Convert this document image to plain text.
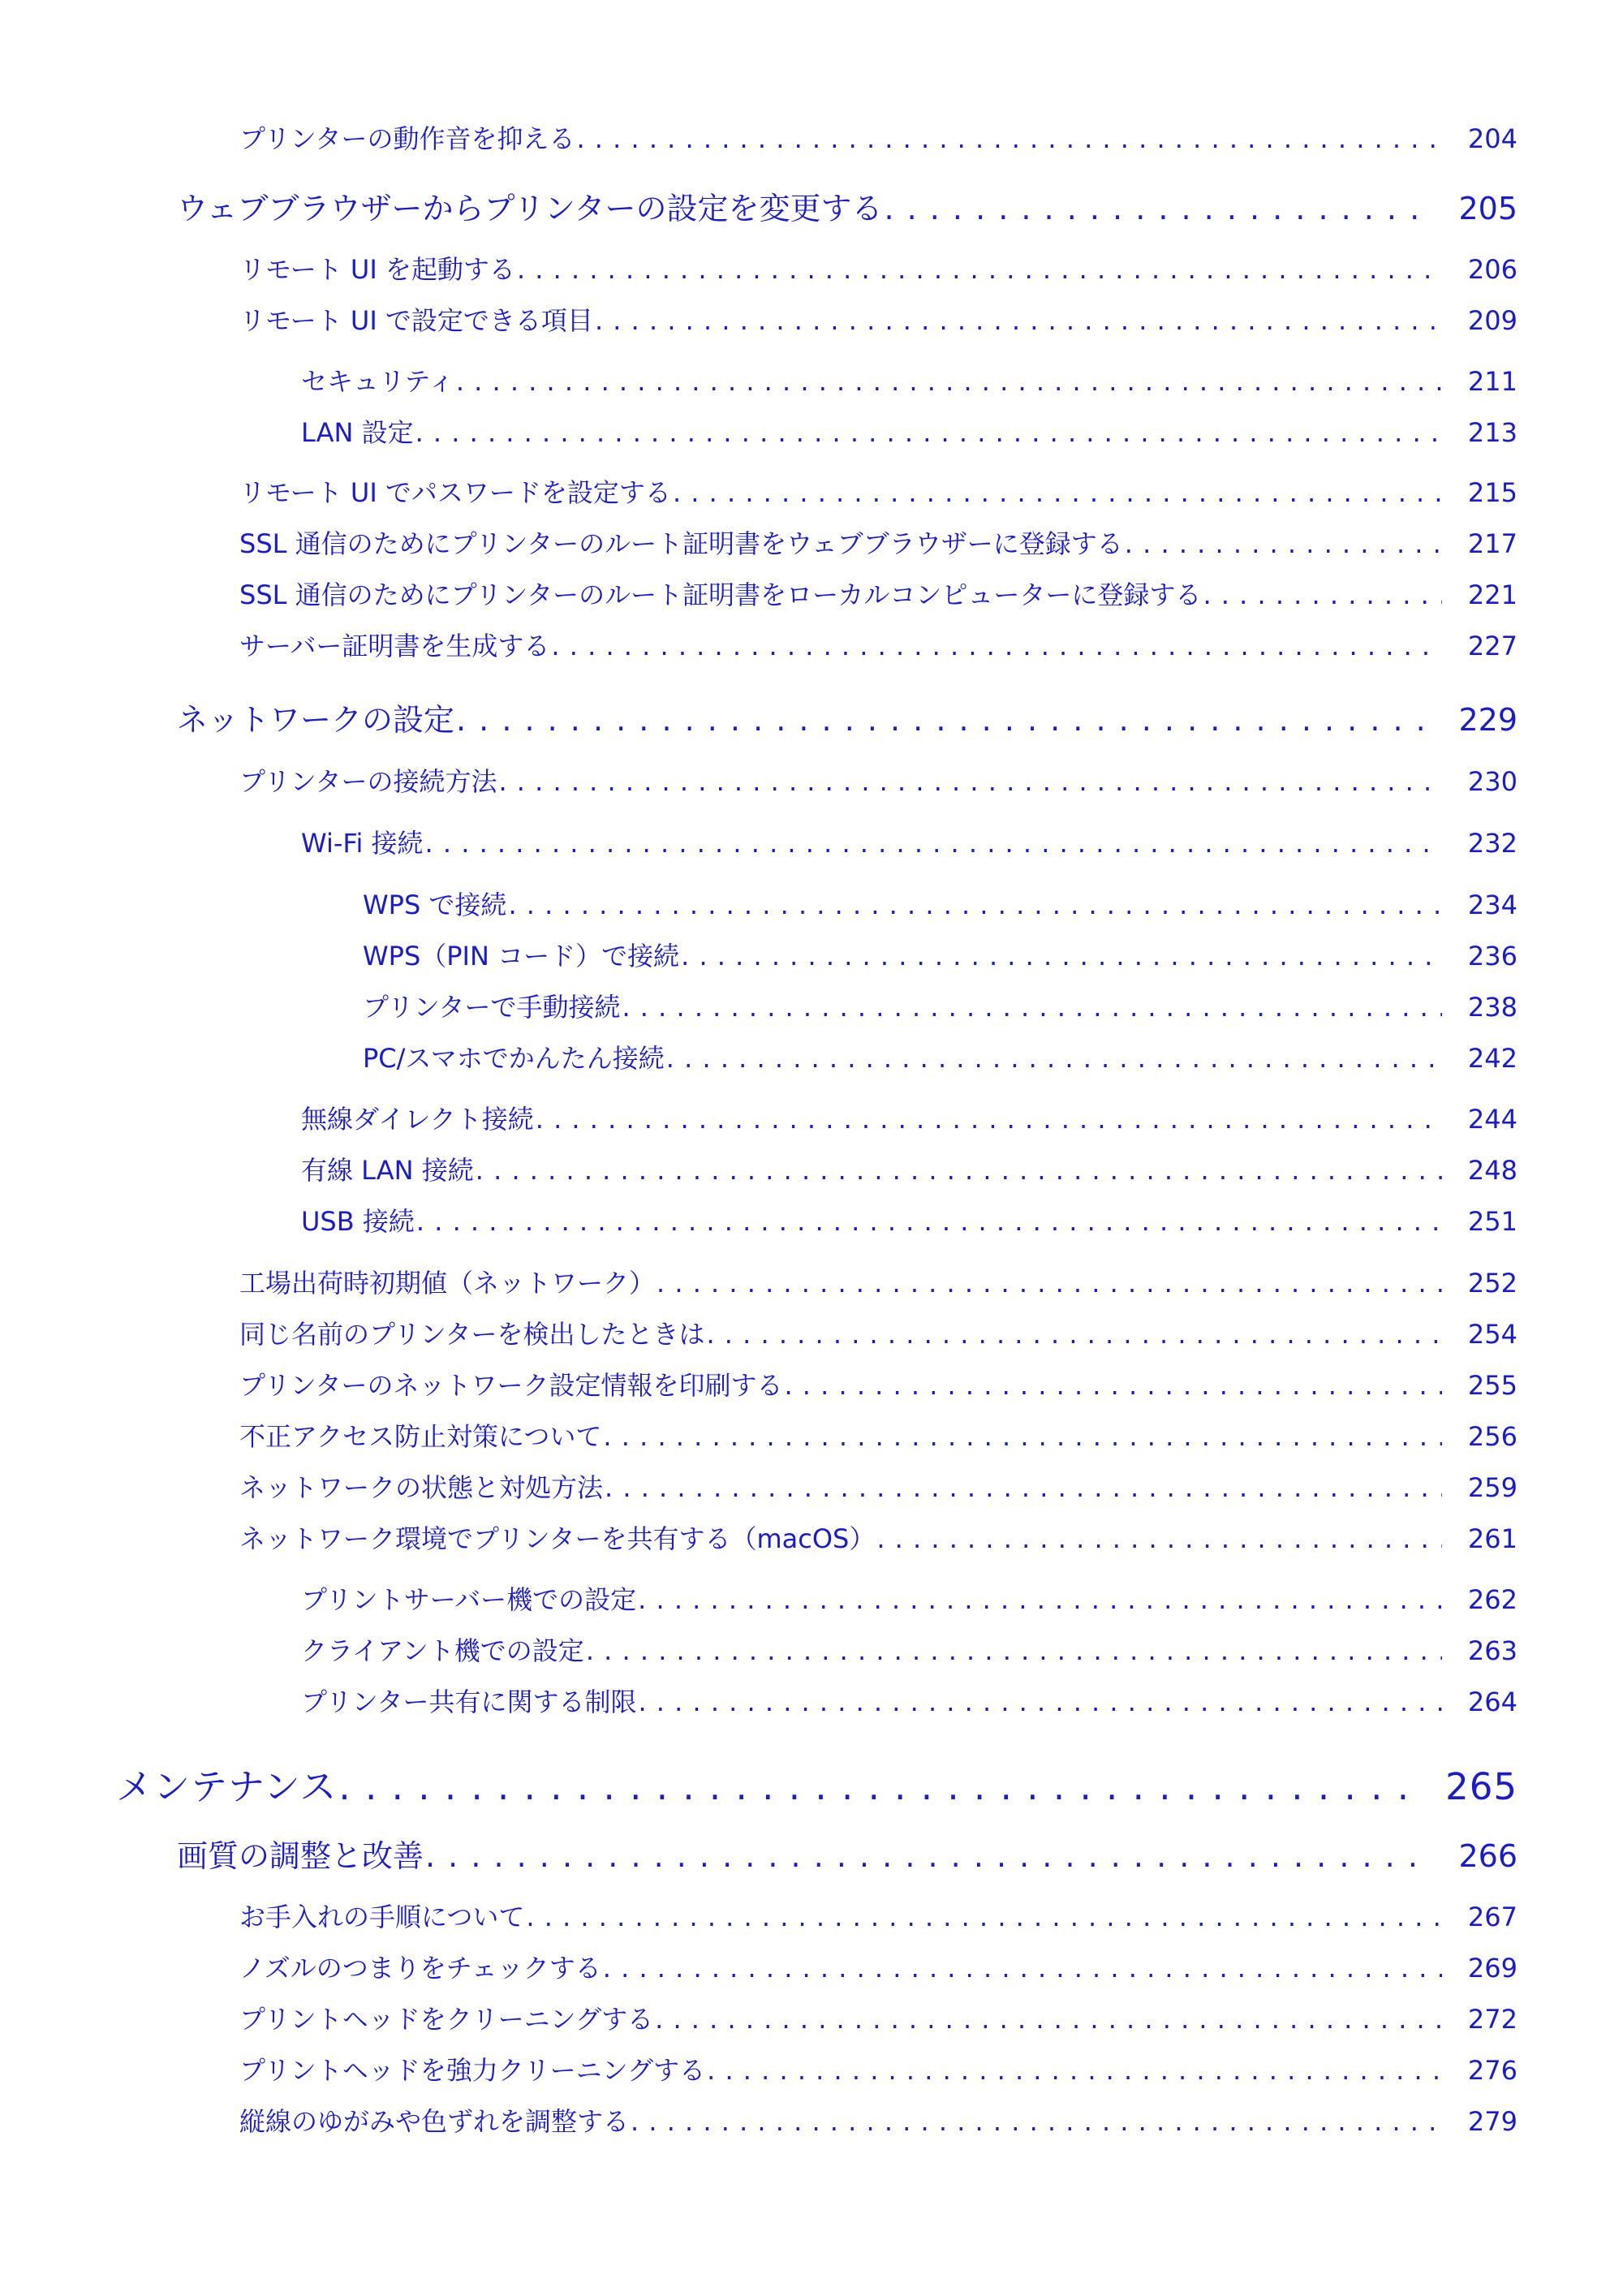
プリンターの動作音を抑える . . .	204
ウェブブラウザーからプリンターの設定を変更する . . .	205
リモート UI を起動する . . .	206
リモート UI で設定できる項目 . . .	209
セキュリティ . . .	211
LAN 設定 . . .	213
リモート UI でパスワードを設定する . . .	215
SSL 通信のためにプリンターのルート証明書をウェブブラウザーに登録する . . .	217
SSL 通信のためにプリンターのルート証明書をローカルコンピューターに登録する . . .	221
サーバー証明書を生成する . . .	227
ネットワークの設定 . . .	229
プリンターの接続方法 . . .	230
Wi-Fi 接続 . . .	232
WPS で接続 . . .	234
WPS（PIN コード）で接続 . . .	236
プリンターで手動接続 . . .	238
PC/スマホでかんたん接続 . . .	242
無線ダイレクト接続 . . .	244
有線 LAN 接続 . . .	248
USB 接続 . . .	251
工場出荷時初期値（ネットワーク） . . .	252
同じ名前のプリンターを検出したときは . . .	254
プリンターのネットワーク設定情報を印刷する . . .	255
不正アクセス防止対策について . . .	256
ネットワークの状態と対処方法 . . .	259
ネットワーク環境でプリンターを共有する（macOS） . . .	261
プリントサーバー機での設定 . . .	262
クライアント機での設定 . . .	263
プリンター共有に関する制限 . . .	264
メンテナンス . . .	265
画質の調整と改善 . . .	266
お手入れの手順について . . .	267
ノズルのつまりをチェックする . . .	269
プリントヘッドをクリーニングする . . .	272
プリントヘッドを強力クリーニングする . . .	276
縦線のゆがみや色ずれを調整する . . .	279
